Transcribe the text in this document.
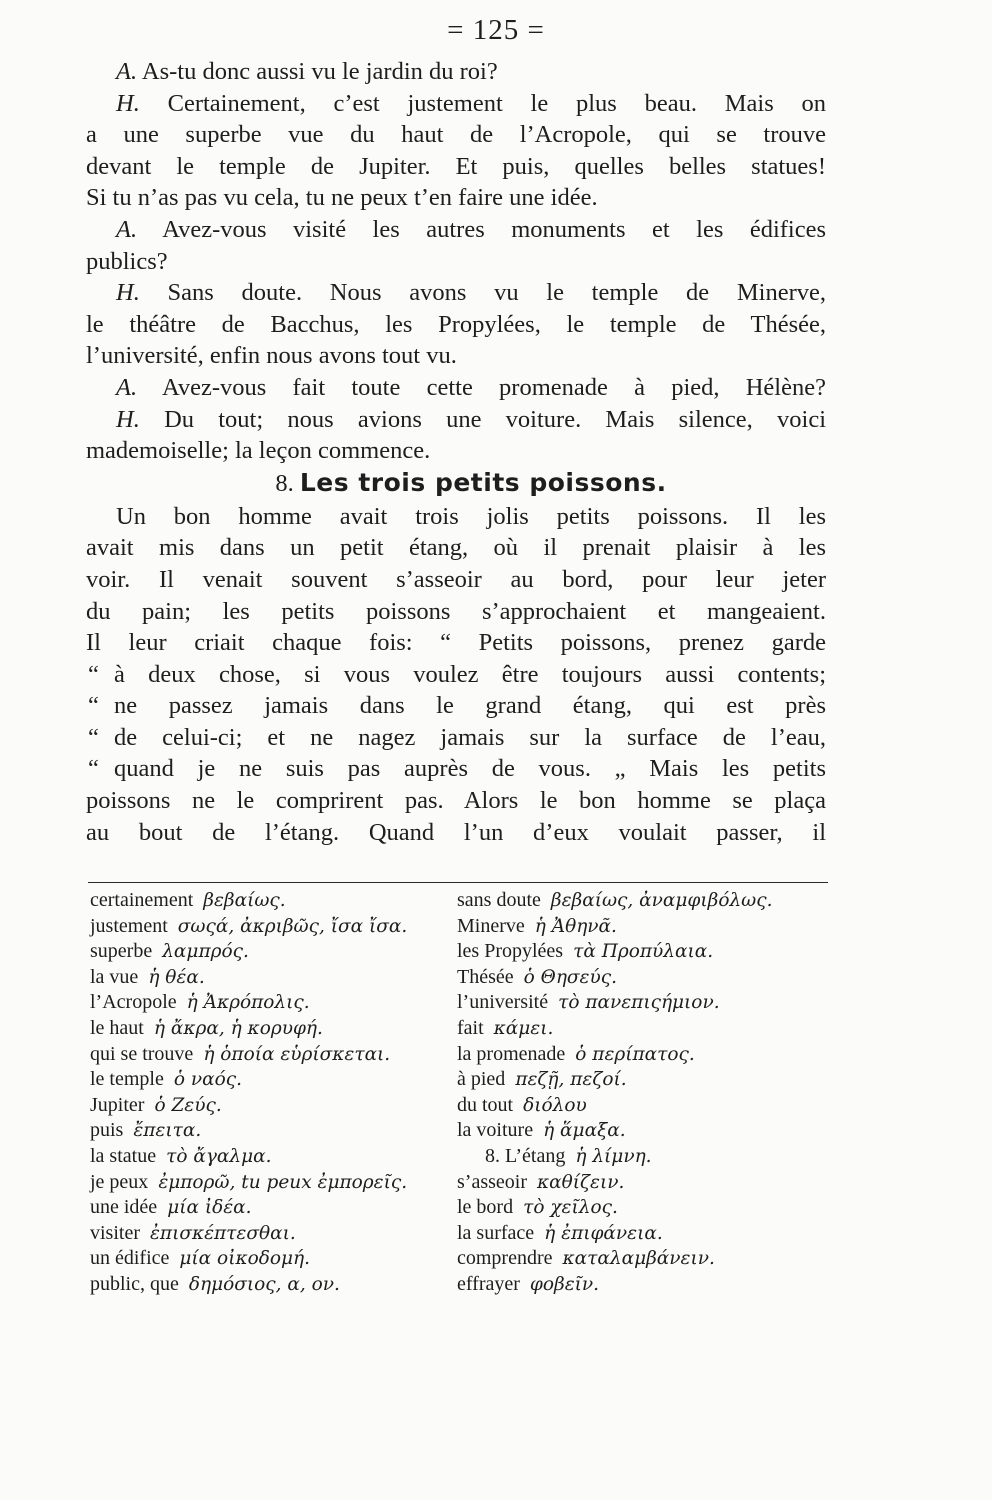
= 125 =
A. As-tu donc aussi vu le jardin du roi?
H. Certainement, c’est justement le plus beau. Mais on
a une superbe vue du haut de l’Acropole, qui se trouve
devant le temple de Jupiter. Et puis, quelles belles statues!
Si tu n’as pas vu cela, tu ne peux t’en faire une idée.
A. Avez-vous visité les autres monuments et les édifices
publics?
H. Sans doute. Nous avons vu le temple de Minerve,
le théâtre de Bacchus, les Propylées, le temple de Thésée,
l’université, enfin nous avons tout vu.
A. Avez-vous fait toute cette promenade à pied, Hélène?
H. Du tout; nous avions une voiture. Mais silence, voici
mademoiselle; la leçon commence.
8. Les trois petits poissons.
Un bon homme avait trois jolis petits poissons. Il les
avait mis dans un petit étang, où il prenait plaisir à les
voir. Il venait souvent s’asseoir au bord, pour leur jeter
du pain; les petits poissons s’approchaient et mangeaient.
Il leur criait chaque fois: “ Petits poissons, prenez garde
“ à deux chose, si vous voulez être toujours aussi contents;
“ ne passez jamais dans le grand étang, qui est près
“ de celui-ci; et ne nagez jamais sur la surface de l’eau,
“ quand je ne suis pas auprès de vous. „ Mais les petits
poissons ne le comprirent pas. Alors le bon homme se plaça
au bout de l’étang. Quand l’un d’eux voulait passer, il
certainement βεβαίως.
justement σωςά, ἀκριβῶς, ἴσα ἴσα.
superbe λαμπρός.
la vue ἡ θέα.
l’Acropole ἡ Ἀκρόπολις.
le haut ἡ ἄκρα, ἡ κορυφή.
qui se trouve ἡ ὁποία εὑρίσκεται.
le temple ὁ ναός.
Jupiter ὁ Ζεύς.
puis ἔπειτα.
la statue τὸ ἄγαλμα.
je peux ἐμπορῶ, tu peux ἐμπορεῖς.
une idée μία ἰδέα.
visiter ἐπισκέπτεσθαι.
un édifice μία οἰκοδομή.
public, que δημόσιος, α, ον.
sans doute βεβαίως, ἀναμφιβόλως.
Minerve ἡ Ἀθηνᾶ.
les Propylées τὰ Προπύλαια.
Thésée ὁ Θησεύς.
l’université τὸ πανεπιςήμιον.
fait κάμει.
la promenade ὁ περίπατος.
à pied πεζῇ, πεζοί.
du tout διόλου
la voiture ἡ ἅμαξα.
8. L’étang ἡ λίμνη.
s’asseoir καθίζειν.
le bord τὸ χεῖλος.
la surface ἡ ἐπιφάνεια.
comprendre καταλαμβάνειν.
effrayer φοβεῖν.
